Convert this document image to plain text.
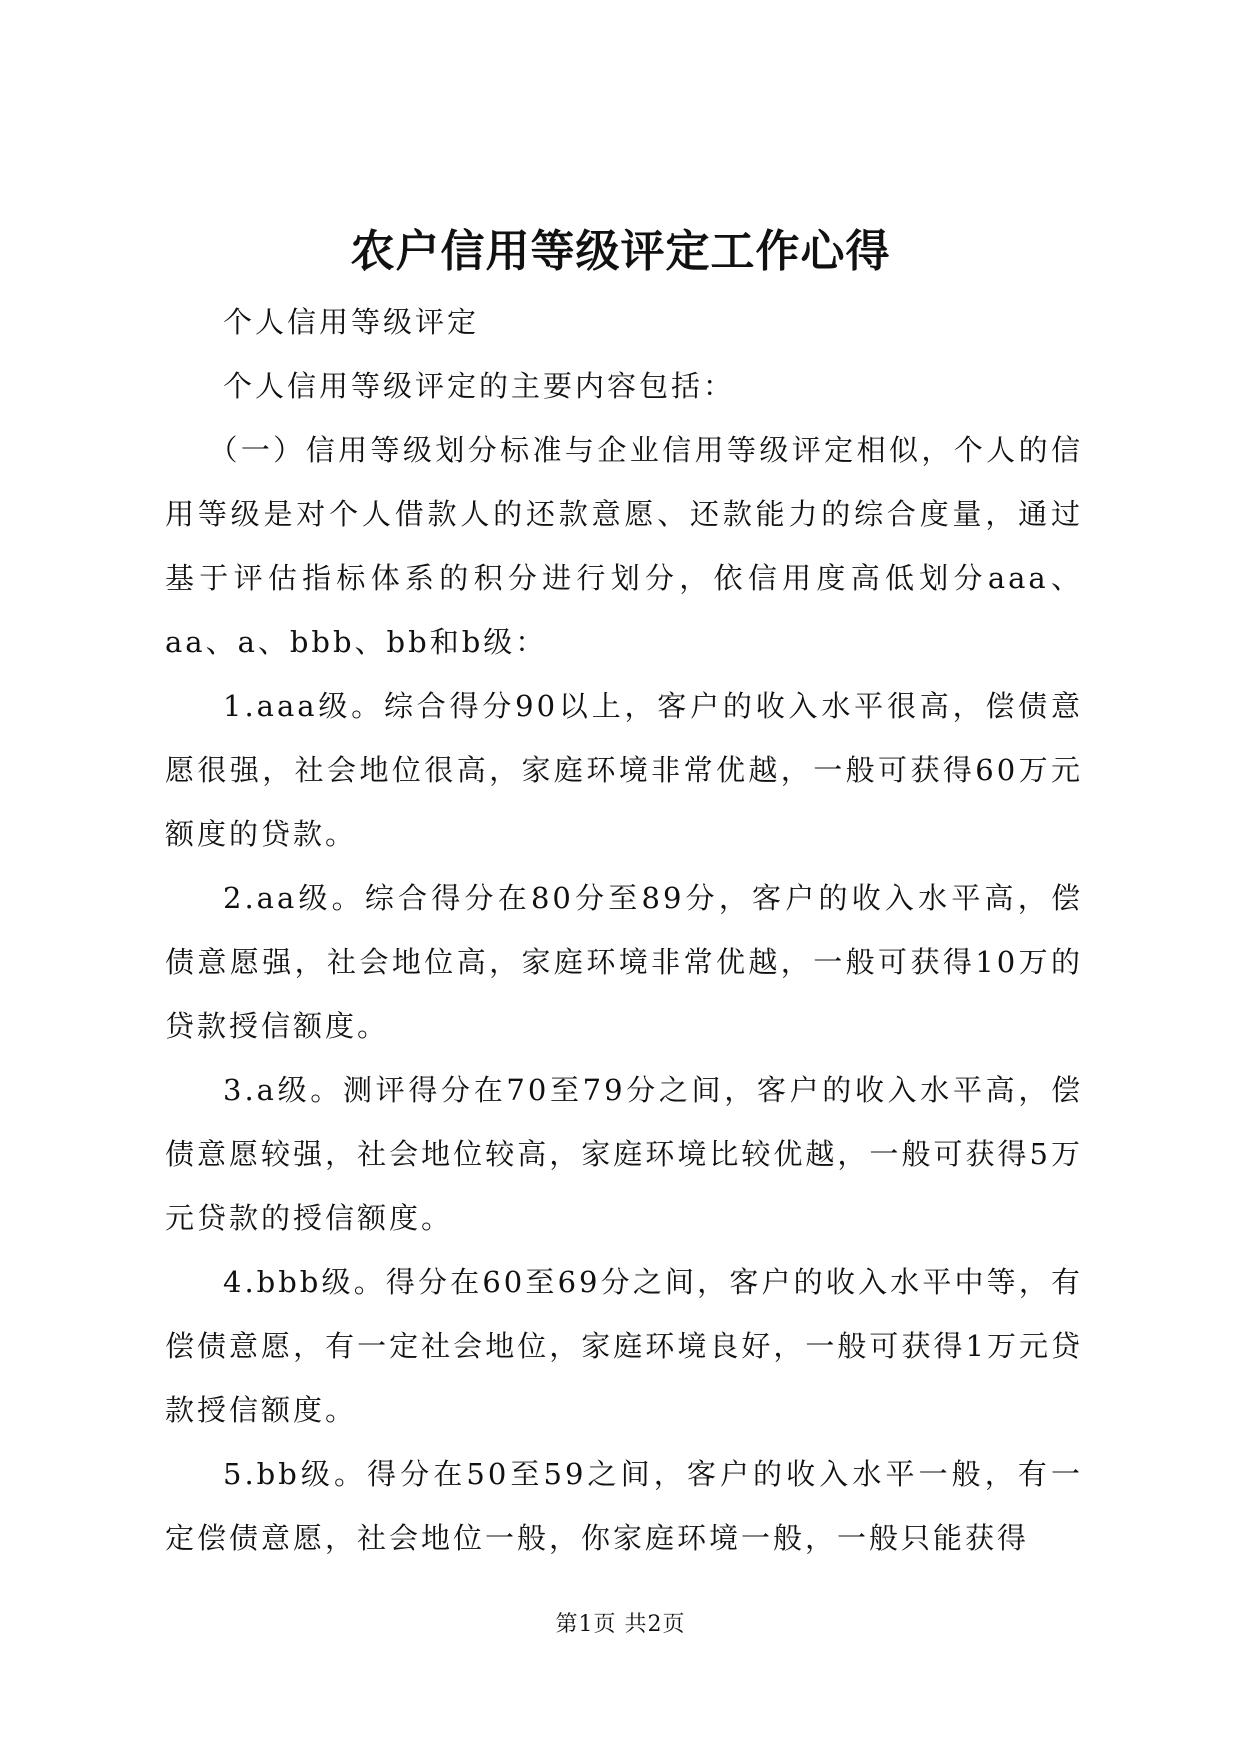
农户信用等级评定工作心得

个人信用等级评定

个人信用等级评定的主要内容包括：

（一）信用等级划分标准与企业信用等级评定相似，个人的信用等级是对个人借款人的还款意愿、还款能力的综合度量，通过基于评估指标体系的积分进行划分，依信用度高低划分aaa、aa、a、bbb、bb和b级：

1.aaa级。综合得分90以上，客户的收入水平很高，偿债意愿很强，社会地位很高，家庭环境非常优越，一般可获得60万元额度的贷款。

2.aa级。综合得分在80分至89分，客户的收入水平高，偿债意愿强，社会地位高，家庭环境非常优越，一般可获得10万的贷款授信额度。

3.a级。测评得分在70至79分之间，客户的收入水平高，偿债意愿较强，社会地位较高，家庭环境比较优越，一般可获得5万元贷款的授信额度。

4.bbb级。得分在60至69分之间，客户的收入水平中等，有偿债意愿，有一定社会地位，家庭环境良好，一般可获得1万元贷款授信额度。

5.bb级。得分在50至59之间，客户的收入水平一般，有一定偿债意愿，社会地位一般，你家庭环境一般，一般只能获得

第1页 共2页
